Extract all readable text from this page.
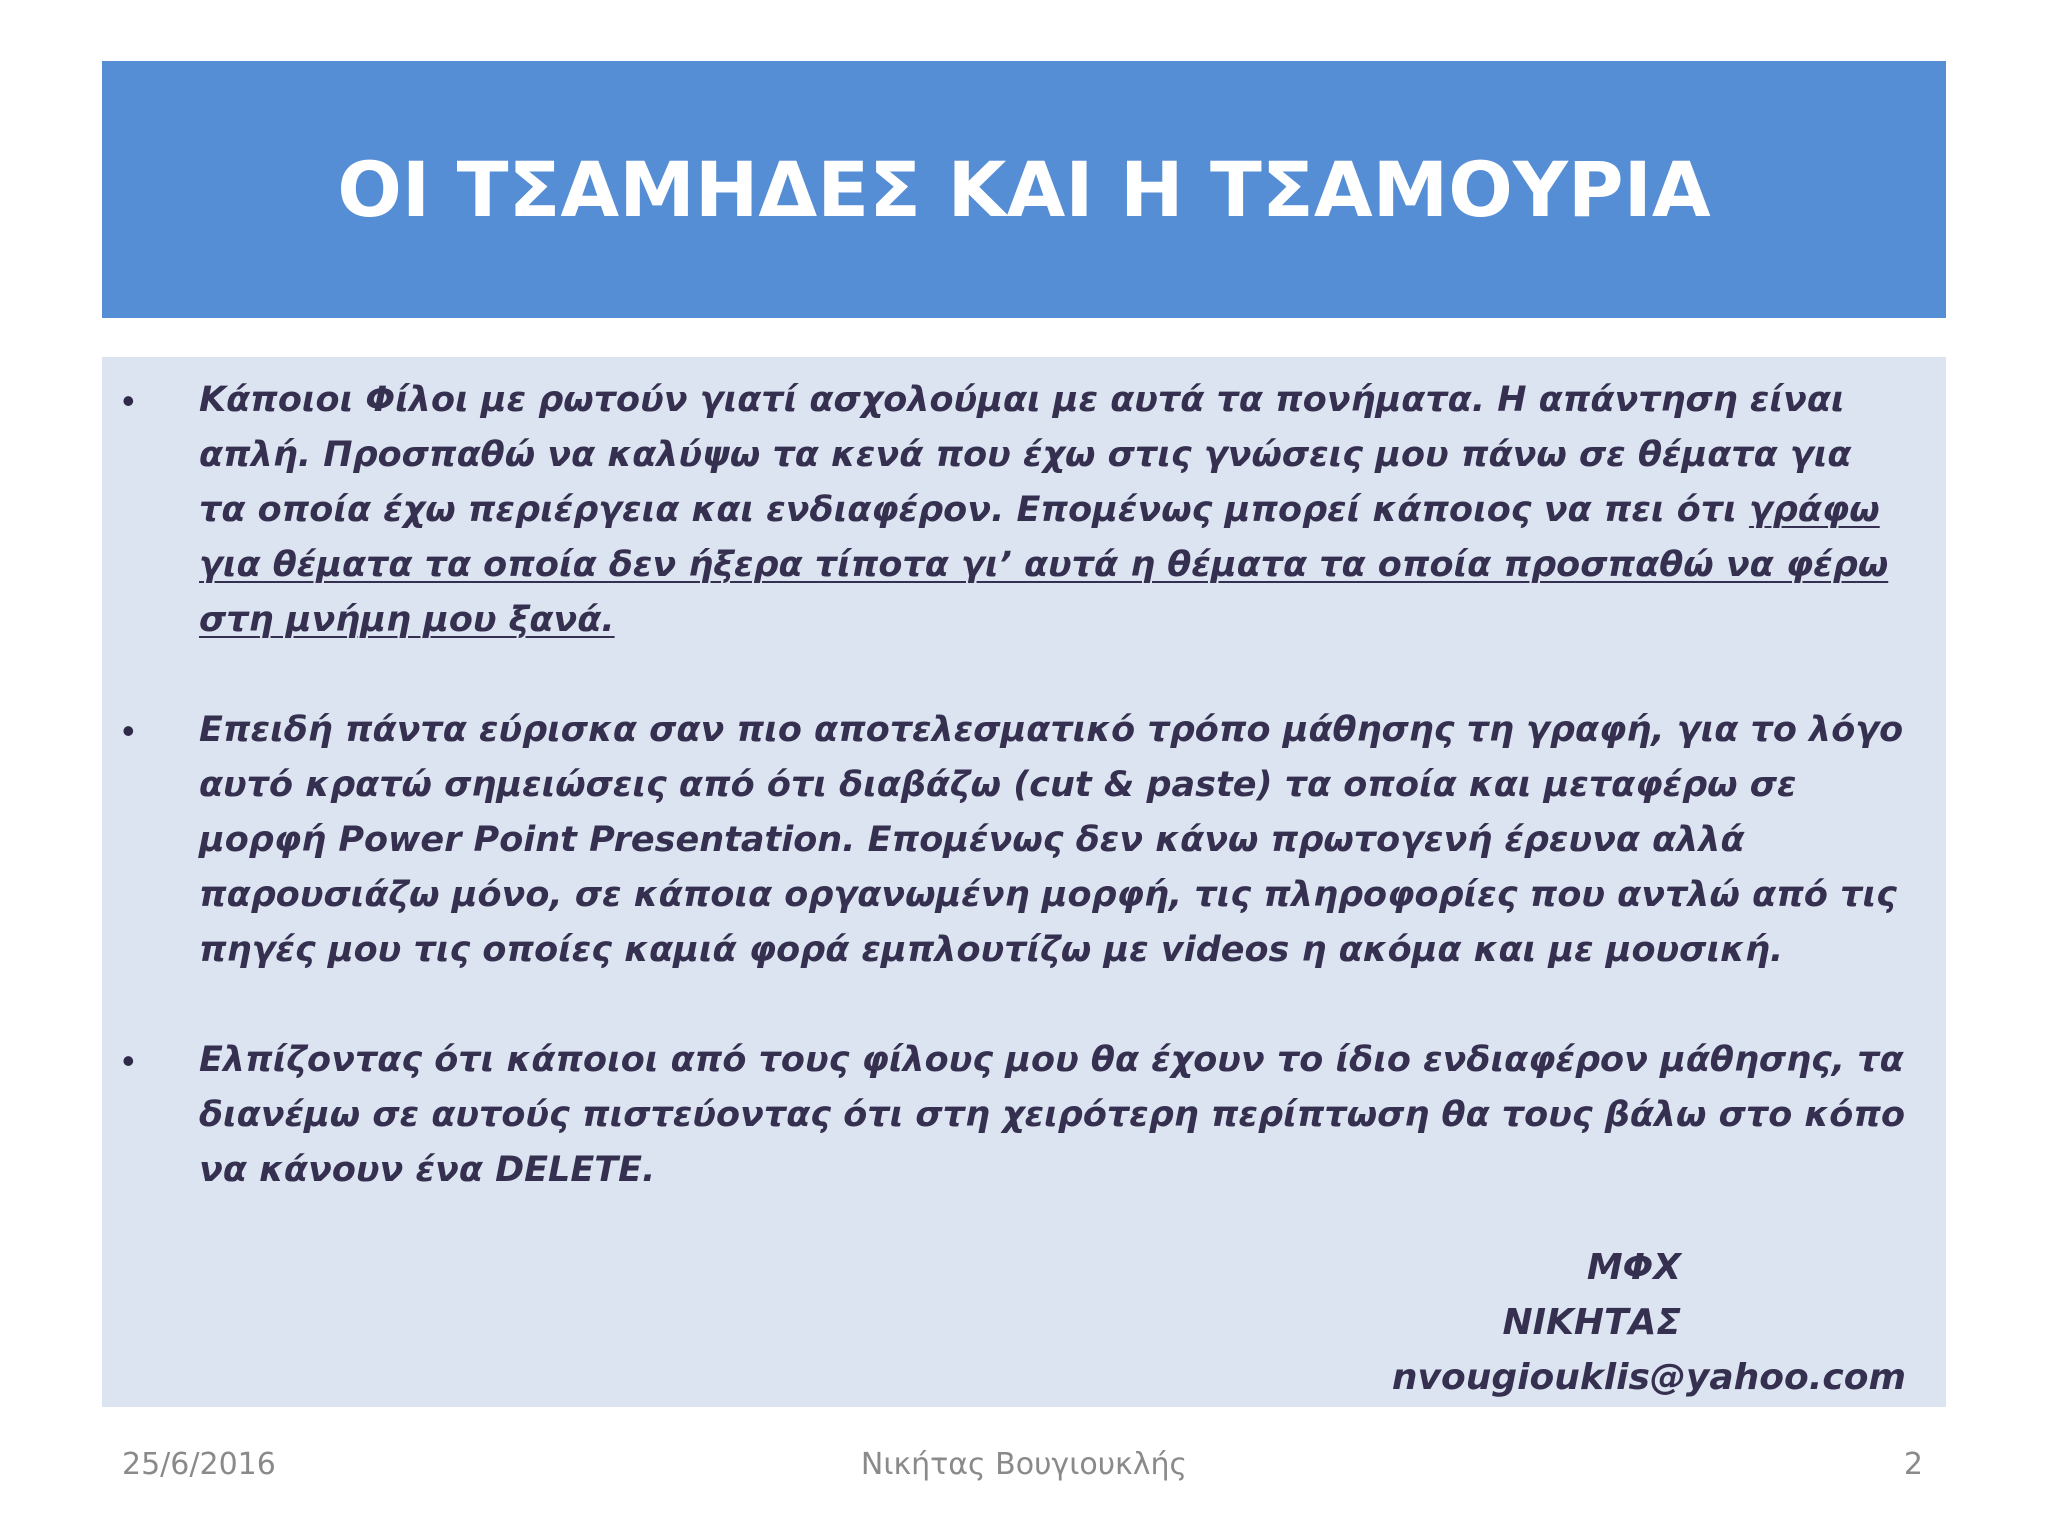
ΟΙ ΤΣΑΜΗΔΕΣ ΚΑΙ Η ΤΣΑΜΟΥΡΙΑ
• Κάποιοι Φίλοι με ρωτούν γιατί ασχολούμαι με αυτά τα πονήματα. Η απάντηση είναι απλή. Προσπαθώ να καλύψω τα κενά που έχω στις γνώσεις μου πάνω σε θέματα για τα οποία έχω περιέργεια και ενδιαφέρον. Επομένως μπορεί κάποιος να πει ότι γράφω για θέματα τα οποία δεν ήξερα τίποτα γι’ αυτά η θέματα τα οποία προσπαθώ να φέρω στη μνήμη μου ξανά.
• Επειδή πάντα εύρισκα σαν πιο αποτελεσματικό τρόπο μάθησης τη γραφή, για το λόγο αυτό κρατώ σημειώσεις από ότι διαβάζω (cut & paste) τα οποία και μεταφέρω σε μορφή Power Point Presentation. Επομένως δεν κάνω πρωτογενή έρευνα αλλά παρουσιάζω μόνο, σε κάποια οργανωμένη μορφή, τις πληροφορίες που αντλώ από τις πηγές μου τις οποίες καμιά φορά εμπλουτίζω με videos η ακόμα και με μουσική.
• Ελπίζοντας ότι κάποιοι από τους φίλους μου θα έχουν το ίδιο ενδιαφέρον μάθησης, τα διανέμω σε αυτούς πιστεύοντας ότι στη χειρότερη περίπτωση θα τους βάλω στο κόπο να κάνουν ένα DELETE.
ΜΦΧ
ΝΙΚΗΤΑΣ
nvougiouklis@yahoo.com
25/6/2016	Νικήτας Βουγιουκλής	2
